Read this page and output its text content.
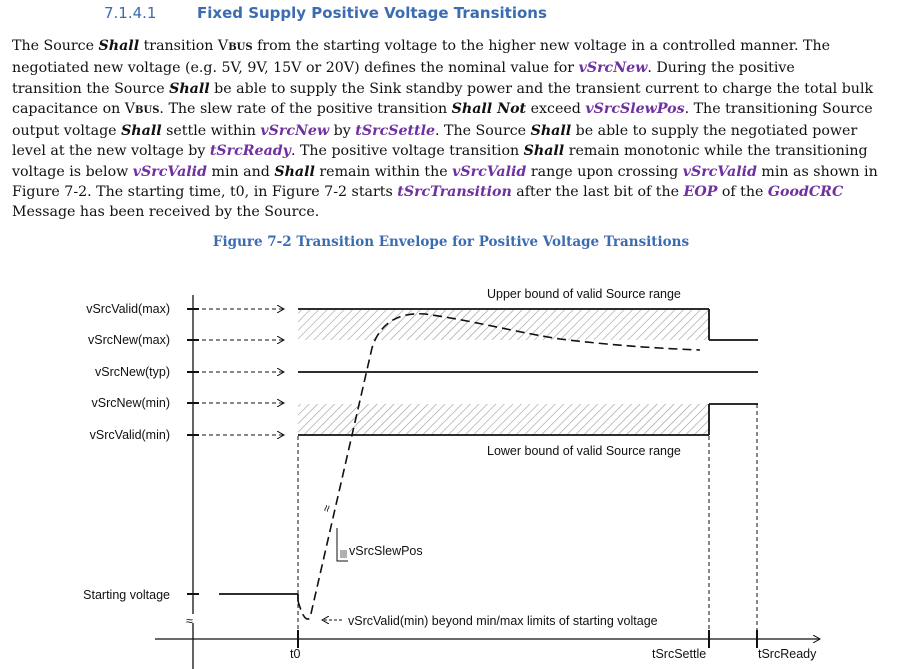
7.1.4.1	Fixed Supply Positive Voltage Transitions

The Source Shall transition VBUS from the starting voltage to the higher new voltage in a controlled manner. The

negotiated new voltage (e.g. 5V, 9V, 15V or 20V) defines the nominal value for vSrcNew. During the positive

transition the Source Shall be able to supply the Sink standby power and the transient current to charge the total bulk

capacitance on VBUS. The slew rate of the positive transition Shall Not exceed vSrcSlewPos. The transitioning Source

output voltage Shall settle within vSrcNew by tSrcSettle. The Source Shall be able to supply the negotiated power

level at the new voltage by tSrcReady. The positive voltage transition Shall remain monotonic while the transitioning

voltage is below vSrcValid min and Shall remain within the vSrcValid range upon crossing vSrcValid min as shown in

Figure 7-2. The starting time, t0, in Figure 7-2 starts tSrcTransition after the last bit of the EOP of the GoodCRC

Message has been received by the Source.

Figure 7-2 Transition Envelope for Positive Voltage Transitions
≈
≈
vSrcValid(max)
vSrcNew(max)
vSrcNew(typ)
vSrcNew(min)
vSrcValid(min)
Starting voltage
Upper bound of valid Source range
Lower bound of valid Source range
vSrcSlewPos
vSrcValid(min) beyond min/max limits of starting voltage
t0	tSrcSettle	tSrcReady
